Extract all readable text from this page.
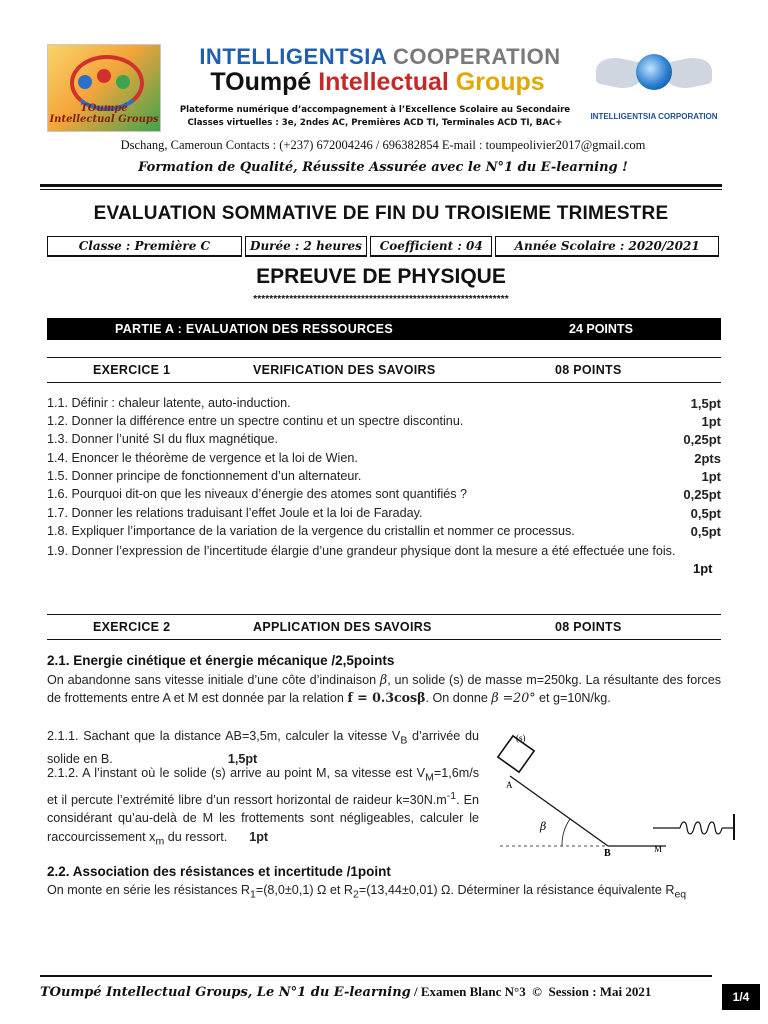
TOumpé Intellectual Groups	INTELLIGENTSIA CORPORATION
INTELLIGENTSIA COOPERATION
TOumpé Intellectual Groups
Plateforme numérique d’accompagnement à l’Excellence Scolaire au Secondaire
Classes virtuelles : 3e, 2ndes AC, Premières ACD TI, Terminales ACD TI, BAC+
Dschang, Cameroun Contacts : (+237) 672004246 / 696382854 E-mail : toumpeolivier2017@gmail.com
Formation de Qualité, Réussite Assurée avec le N°1 du E-learning !
EVALUATION SOMMATIVE DE FIN DU TROISIEME TRIMESTRE
Classe : Première C	Durée : 2 heures	Coefficient : 04	Année Scolaire : 2020/2021
EPREUVE DE PHYSIQUE
****************************************************************
PARTIE A : EVALUATION DES RESSOURCES	24 POINTS
EXERCICE 1	VERIFICATION DES SAVOIRS	08 POINTS
1.1. Définir : chaleur latente, auto-induction.	1,5pt
1.2. Donner la différence entre un spectre continu et un spectre discontinu.	1pt
1.3. Donner l’unité SI du flux magnétique.	0,25pt
1.4. Enoncer le théorème de vergence et la loi de Wien.	2pts
1.5. Donner principe de fonctionnement d’un alternateur.	1pt
1.6. Pourquoi dit-on que les niveaux d’énergie des atomes sont quantifiés ?	0,25pt
1.7. Donner les relations traduisant l’effet Joule et la loi de Faraday.	0,5pt
1.8. Expliquer l’importance de la variation de la vergence du cristallin et nommer ce processus.	0,5pt
1.9. Donner l’expression de l’incertitude élargie d’une grandeur physique dont la mesure a été effectuée une fois.
1pt
EXERCICE 2	APPLICATION DES SAVOIRS	08 POINTS
2.1. Energie cinétique et énergie mécanique /2,5points
On abandonne sans vitesse initiale d’une côte d’indinaison β, un solide (s) de masse m=250kg. La résultante des forces de frottements entre A et M est donnée par la relation f = 0.3cosβ. On donne β =20° et g=10N/kg.
2.1.1. Sachant que la distance AB=3,5m, calculer la vitesse $V_B$ d’arrivée du solide en B.	1,5pt
2.1.2. A l’instant où le solide (s) arrive au point M, sa vitesse est $V_M=1,6m/s$ et il percute l’extrémité libre d’un ressort horizontal de raideur $k=30N.m^{-1}$. En considérant qu’au-delà de M les frottements sont négligeables, calculer le raccourcissement $x_m$ du ressort. 1pt
(s)
A
β
B	M
2.2. Association des résistances et incertitude /1point
On monte en série les résistances $R_1=(8,0\pm 0,1)$ Ω et $R_2=(13,44\pm 0,01)$ Ω. Déterminer la résistance équivalente $R_{eq}$
TOumpé Intellectual Groups, Le N°1 du E-learning / Examen Blanc N°3  ©  Session : Mai 2021	1/4
